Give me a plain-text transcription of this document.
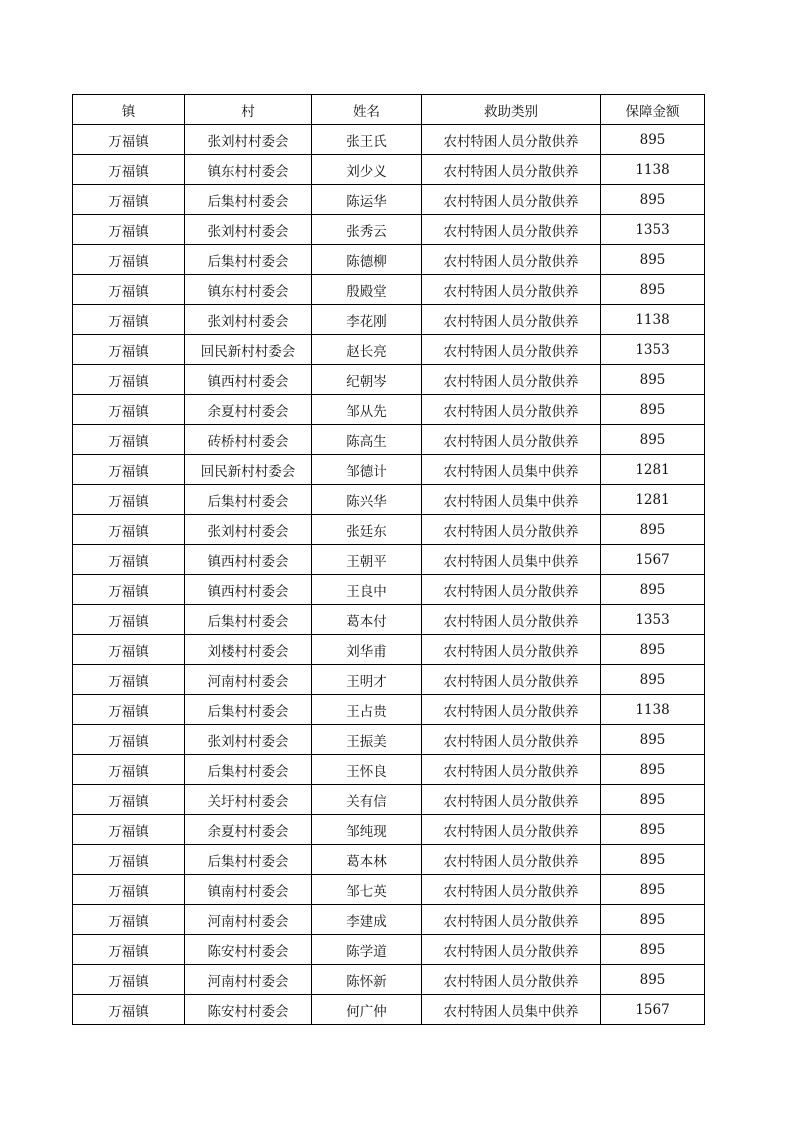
镇	村	姓名	救助类别	保障金额
万福镇	张刘村村委会	张王氏	农村特困人员分散供养	895
万福镇	镇东村村委会	刘少义	农村特困人员分散供养	1138
万福镇	后集村村委会	陈运华	农村特困人员分散供养	895
万福镇	张刘村村委会	张秀云	农村特困人员分散供养	1353
万福镇	后集村村委会	陈德柳	农村特困人员分散供养	895
万福镇	镇东村村委会	殷殿堂	农村特困人员分散供养	895
万福镇	张刘村村委会	李花刚	农村特困人员分散供养	1138
万福镇	回民新村村委会	赵长亮	农村特困人员分散供养	1353
万福镇	镇西村村委会	纪朝岑	农村特困人员分散供养	895
万福镇	余夏村村委会	邹从先	农村特困人员分散供养	895
万福镇	砖桥村村委会	陈高生	农村特困人员分散供养	895
万福镇	回民新村村委会	邹德计	农村特困人员集中供养	1281
万福镇	后集村村委会	陈兴华	农村特困人员集中供养	1281
万福镇	张刘村村委会	张廷东	农村特困人员分散供养	895
万福镇	镇西村村委会	王朝平	农村特困人员集中供养	1567
万福镇	镇西村村委会	王良中	农村特困人员分散供养	895
万福镇	后集村村委会	葛本付	农村特困人员分散供养	1353
万福镇	刘楼村村委会	刘华甫	农村特困人员分散供养	895
万福镇	河南村村委会	王明才	农村特困人员分散供养	895
万福镇	后集村村委会	王占贵	农村特困人员分散供养	1138
万福镇	张刘村村委会	王振美	农村特困人员分散供养	895
万福镇	后集村村委会	王怀良	农村特困人员分散供养	895
万福镇	关圩村村委会	关有信	农村特困人员分散供养	895
万福镇	余夏村村委会	邹纯现	农村特困人员分散供养	895
万福镇	后集村村委会	葛本林	农村特困人员分散供养	895
万福镇	镇南村村委会	邹七英	农村特困人员分散供养	895
万福镇	河南村村委会	李建成	农村特困人员分散供养	895
万福镇	陈安村村委会	陈学道	农村特困人员分散供养	895
万福镇	河南村村委会	陈怀新	农村特困人员分散供养	895
万福镇	陈安村村委会	何广仲	农村特困人员集中供养	1567
